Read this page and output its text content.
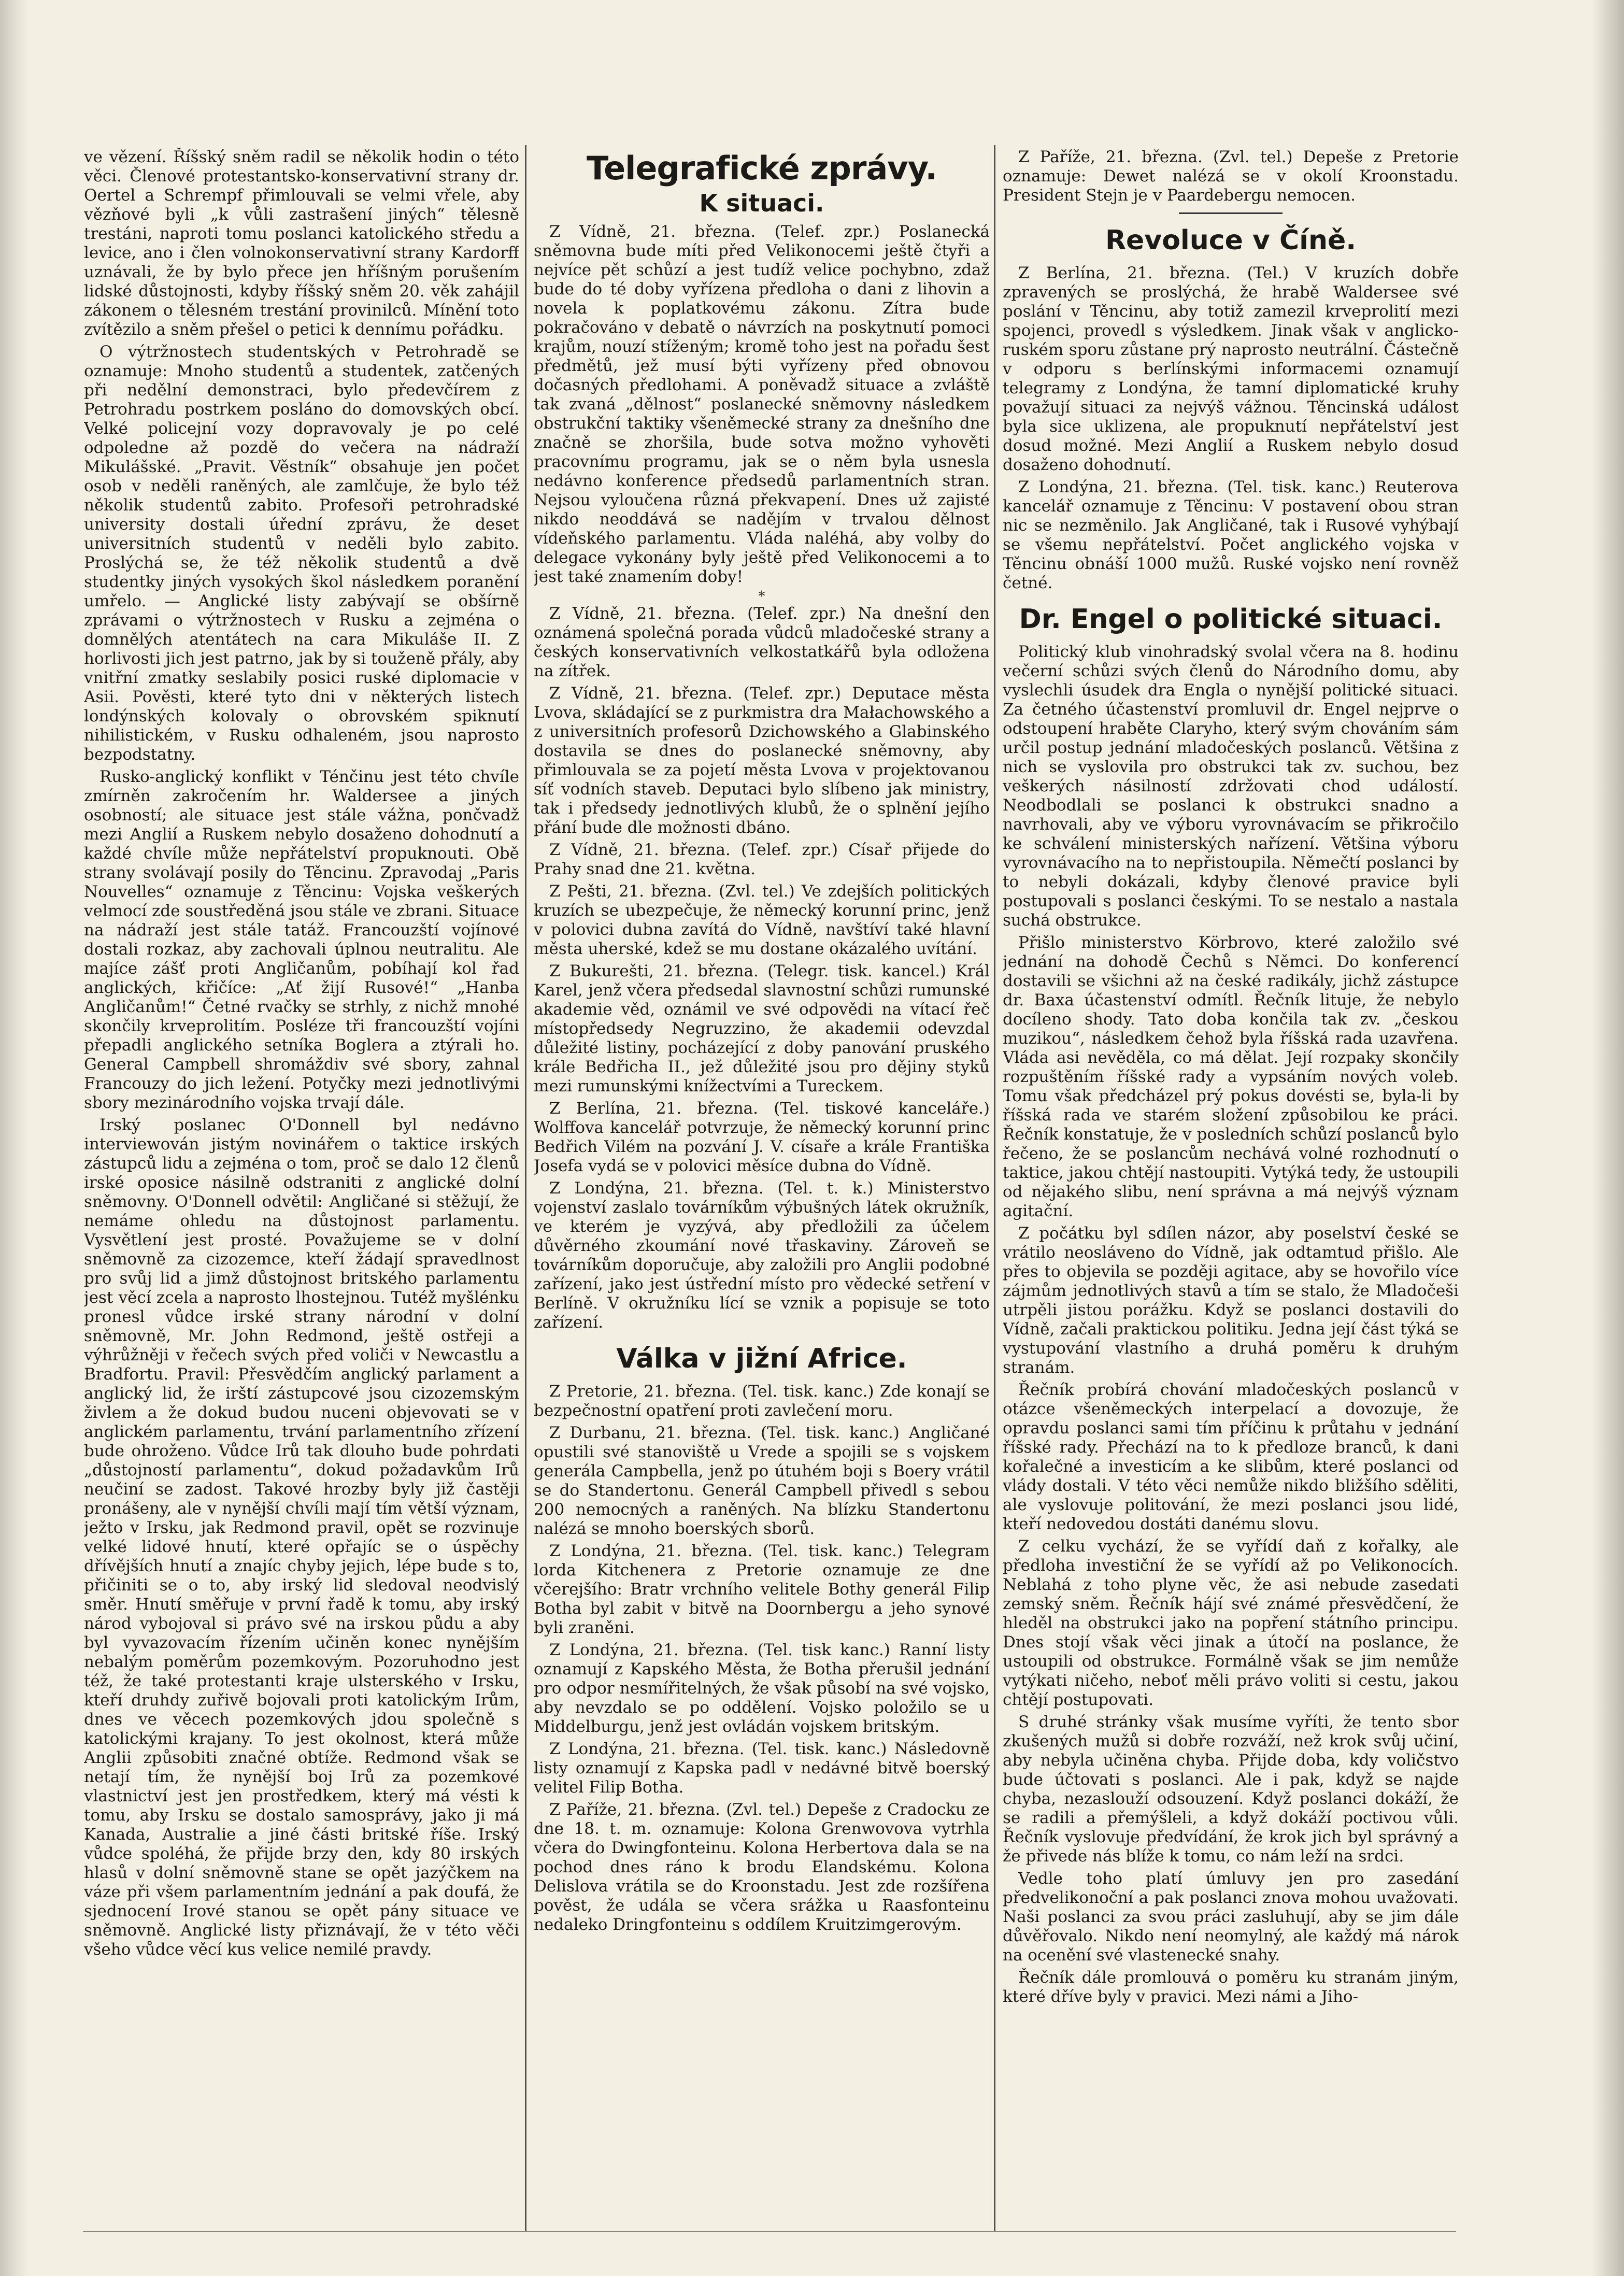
ve vězení. Říšský sněm radil se několik hodin o této věci. Členové protestantsko-konservativní strany dr. Oertel a Schrempf přimlouvali se velmi vřele, aby vězňové byli „k vůli zastrašení jiných“ tělesně trestáni, naproti tomu poslanci katolického středu a levice, ano i člen volnokonservativní strany Kardorff uznávali, že by bylo přece jen hříšným porušením lidské důstojnosti, kdyby říšský sněm 20. věk zahájil zákonem o tělesném trestání provinilců. Mínění toto zvítězilo a sněm přešel o petici k dennímu pořádku.

O výtržnostech studentských v Petrohradě se oznamuje: Mnoho studentů a studentek, zatčených při nedělní demonstraci, bylo předevčírem z Petrohradu postrkem posláno do domovských obcí. Velké policejní vozy dopravovaly je po celé odpoledne až pozdě do večera na nádraží Mikulášské. „Pravit. Věstník“ obsahuje jen počet osob v neděli raněných, ale zamlčuje, že bylo též několik studentů zabito. Profesoři petrohradské university dostali úřední zprávu, že deset universitních studentů v neděli bylo zabito. Proslýchá se, že též několik studentů a dvě studentky jiných vysokých škol následkem poranění umřelo. — Anglické listy zabývají se obšírně zprávami o výtržnostech v Rusku a zejména o domnělých atentátech na cara Mikuláše II. Z horlivosti jich jest patrno, jak by si touženě přály, aby vnitřní zmatky seslabily posici ruské diplomacie v Asii. Pověsti, které tyto dni v některých listech londýnských kolovaly o obrovském spiknutí nihilistickém, v Rusku odhaleném, jsou naprosto bezpodstatny.

Rusko-anglický konflikt v Ténčinu jest této chvíle zmírněn zakročením hr. Waldersee a jiných osobností; ale situace jest stále vážna, pončvadž mezi Anglií a Ruskem nebylo dosaženo dohodnutí a každé chvíle může nepřátelství propuknouti. Obě strany svolávají posily do Těncinu. Zpravodaj „Paris Nouvelles“ oznamuje z Těncinu: Vojska veškerých velmocí zde soustředěná jsou stále ve zbrani. Situace na nádraží jest stále tatáž. Francouzští vojínové dostali rozkaz, aby zachovali úplnou neutralitu. Ale majíce zášť proti Angličanům, pobíhají kol řad anglických, křičíce: „Ať žijí Rusové!“ „Hanba Angličanům!“ Četné rvačky se strhly, z nichž mnohé skončily krveprolitím. Posléze tři francouzští vojíni přepadli anglického setníka Boglera a ztýrali ho. General Campbell shromáždiv své sbory, zahnal Francouzy do jich ležení. Potyčky mezi jednotlivými sbory mezinárodního vojska trvají dále.

Irský poslanec O'Donnell byl nedávno interviewován jistým novinářem o taktice irských zástupců lidu a zejména o tom, proč se dalo 12 členů irské oposice násilně odstraniti z anglické dolní sněmovny. O'Donnell odvětil: Angličané si stěžují, že nemáme ohledu na důstojnost parlamentu. Vysvětlení jest prosté. Považujeme se v dolní sněmovně za cizozemce, kteří žádají spravedlnost pro svůj lid a jimž důstojnost britského parlamentu jest věcí zcela a naprosto lhostejnou. Tutéž myšlénku pronesl vůdce irské strany národní v dolní sněmovně, Mr. John Redmond, ještě ostřeji a výhrůžněji v řečech svých před voliči v Newcastlu a Bradfortu. Pravil: Přesvědčím anglický parlament a anglický lid, že irští zástupcové jsou cizozemským živlem a že dokud budou nuceni objevovati se v anglickém parlamentu, trvání parlamentního zřízení bude ohroženo. Vůdce Irů tak dlouho bude pohrdati „důstojností parlamentu“, dokud požadavkům Irů neučiní se zadost. Takové hrozby byly již častěji pronášeny, ale v nynější chvíli mají tím větší význam, ježto v Irsku, jak Redmond pravil, opět se rozvinuje velké lidové hnutí, které opřajíc se o úspěchy dřívějších hnutí a znajíc chyby jejich, lépe bude s to, přičiniti se o to, aby irský lid sledoval neodvislý směr. Hnutí směřuje v první řadě k tomu, aby irský národ vybojoval si právo své na irskou půdu a aby byl vyvazovacím řízením učiněn konec nynějším nebalým poměrům pozemkovým. Pozoruhodno jest též, že také protestanti kraje ulsterského v Irsku, kteří druhdy zuřivě bojovali proti katolickým Irům, dnes ve věcech pozemkových jdou společně s katolickými krajany. To jest okolnost, která může Anglii způsobiti značné obtíže. Redmond však se netají tím, že nynější boj Irů za pozemkové vlastnictví jest jen prostředkem, který má vésti k tomu, aby Irsku se dostalo samosprávy, jako ji má Kanada, Australie a jiné části britské říše. Irský vůdce spoléhá, že přijde brzy den, kdy 80 irských hlasů v dolní sněmovně stane se opět jazýčkem na váze při všem parlamentním jednání a pak doufá, že sjednocení Irové stanou se opět pány situace ve sněmovně. Anglické listy přiznávají, že v této věči všeho vůdce věcí kus velice nemilé pravdy.

Telegrafické zprávy.
K situaci.

Z Vídně, 21. března. (Telef. zpr.) Poslanecká sněmovna bude míti před Velikonocemi ještě čtyři a nejvíce pět schůzí a jest tudíž velice pochybno, zdaž bude do té doby vyřízena předloha o dani z lihovin a novela k poplatkovému zákonu. Zítra bude pokračováno v debatě o návrzích na poskytnutí pomoci krajům, nouzí stíženým; kromě toho jest na pořadu šest předmětů, jež musí býti vyřízeny před obnovou dočasných předlohami. A poněvadž situace a zvláště tak zvaná „dělnost“ poslanecké sněmovny následkem obstrukční taktiky všeněmecké strany za dnešního dne značně se zhoršila, bude sotva možno vyhověti pracovnímu programu, jak se o něm byla usnesla nedávno konference předsedů parlamentních stran. Nejsou vyloučena různá překvapení. Dnes už zajisté nikdo neoddává se nadějím v trvalou dělnost vídeňského parlamentu. Vláda naléhá, aby volby do delegace vykonány byly ještě před Velikonocemi a to jest také znamením doby!

*

Z Vídně, 21. března. (Telef. zpr.) Na dnešní den oznámená společná porada vůdců mladočeské strany a českých konservativních velkostatkářů byla odložena na zítřek.

Z Vídně, 21. března. (Telef. zpr.) Deputace města Lvova, skládající se z purkmistra dra Małachowského a z universitních profesorů Dzichowského a Glabinského dostavila se dnes do poslanecké sněmovny, aby přimlouvala se za pojetí města Lvova v projektovanou síť vodních staveb. Deputaci bylo slíbeno jak ministry, tak i předsedy jednotlivých klubů, že o splnění jejího přání bude dle možnosti dbáno.

Z Vídně, 21. března. (Telef. zpr.) Císař přijede do Prahy snad dne 21. května.

Z Pešti, 21. března. (Zvl. tel.) Ve zdejších politických kruzích se ubezpečuje, že německý korunní princ, jenž v polovici dubna zavítá do Vídně, navštíví také hlavní města uherské, kdež se mu dostane okázalého uvítání.

Z Bukurešti, 21. března. (Telegr. tisk. kancel.) Král Karel, jenž včera předsedal slavnostní schůzi rumunské akademie věd, oznámil ve své odpovědi na vítací řeč místopředsedy Negruzzino, že akademii odevzdal důležité listiny, pocházející z doby panování pruského krále Bedřicha II., jež důležité jsou pro dějiny styků mezi rumunskými knížectvími a Tureckem.

Z Berlína, 21. března. (Tel. tiskové kanceláře.) Wolffova kancelář potvrzuje, že německý korunní princ Bedřich Vilém na pozvání J. V. císaře a krále Františka Josefa vydá se v polovici měsíce dubna do Vídně.

Z Londýna, 21. března. (Tel. t. k.) Ministerstvo vojenství zaslalo továrníkům výbušných látek okružník, ve kterém je vyzývá, aby předložili za účelem důvěrného zkoumání nové třaskaviny. Zároveň se továrníkům doporučuje, aby založili pro Anglii podobné zařízení, jako jest ústřední místo pro vědecké setření v Berlíně. V okružníku lící se vznik a popisuje se toto zařízení.

Válka v jižní Africe.

Z Pretorie, 21. března. (Tel. tisk. kanc.) Zde konají se bezpečnostní opatření proti zavlečení moru.

Z Durbanu, 21. března. (Tel. tisk. kanc.) Angličané opustili své stanoviště u Vrede a spojili se s vojskem generála Campbella, jenž po útuhém boji s Boery vrátil se do Standertonu. Generál Campbell přivedl s sebou 200 nemocných a raněných. Na blízku Standertonu nalézá se mnoho boerských sborů.

Z Londýna, 21. března. (Tel. tisk. kanc.) Telegram lorda Kitchenera z Pretorie oznamuje ze dne včerejšího: Bratr vrchního velitele Bothy generál Filip Botha byl zabit v bitvě na Doornbergu a jeho synové byli zraněni.

Z Londýna, 21. března. (Tel. tisk kanc.) Ranní listy oznamují z Kapského Města, že Botha přerušil jednání pro odpor nesmířitelných, že však působí na své vojsko, aby nevzdalo se po oddělení. Vojsko položilo se u Middelburgu, jenž jest ovládán vojskem britským.

Z Londýna, 21. března. (Tel. tisk. kanc.) Následovně listy oznamují z Kapska padl v nedávné bitvě boerský velitel Filip Botha.

Z Paříže, 21. března. (Zvl. tel.) Depeše z Cradocku ze dne 18. t. m. oznamuje: Kolona Grenwovova vytrhla včera do Dwingfonteinu. Kolona Herbertova dala se na pochod dnes ráno k brodu Elandskému. Kolona Delislova vrátila se do Kroonstadu. Jest zde rozšířena pověst, že udála se včera srážka u Raasfonteinu nedaleko Dringfonteinu s oddílem Kruitzimgerovým.

Z Paříže, 21. března. (Zvl. tel.) Depeše z Pretorie oznamuje: Dewet nalézá se v okolí Kroonstadu. President Stejn je v Paardebergu nemocen.

Revoluce v Číně.

Z Berlína, 21. března. (Tel.) V kruzích dobře zpravených se proslýchá, že hrabě Waldersee své poslání v Těncinu, aby totiž zamezil krveprolití mezi spojenci, provedl s výsledkem. Jinak však v anglicko-ruském sporu zůstane prý naprosto neutrální. Částečně v odporu s berlínskými informacemi oznamují telegramy z Londýna, že tamní diplomatické kruhy považují situaci za nejvýš vážnou. Těncinská událost byla sice uklizena, ale propuknutí nepřátelství jest dosud možné. Mezi Anglií a Ruskem nebylo dosud dosaženo dohodnutí.

Z Londýna, 21. března. (Tel. tisk. kanc.) Reuterova kancelář oznamuje z Těncinu: V postavení obou stran nic se nezměnilo. Jak Angličané, tak i Rusové vyhýbají se všemu nepřátelství. Počet anglického vojska v Těncinu obnáší 1000 mužů. Ruské vojsko není rovněž četné.

Dr. Engel o politické situaci.

Politický klub vinohradský svolal včera na 8. hodinu večerní schůzi svých členů do Národního domu, aby vyslechli úsudek dra Engla o nynější politické situaci. Za četného účastenství promluvil dr. Engel nejprve o odstoupení hraběte Claryho, který svým chováním sám určil postup jednání mladočeských poslanců. Většina z nich se vyslovila pro obstrukci tak zv. suchou, bez veškerých násilností zdržovati chod událostí. Neodbodlali se poslanci k obstrukci snadno a navrhovali, aby ve výboru vyrovnávacím se přikročilo ke schválení ministerských nařízení. Většina výboru vyrovnávacího na to nepřistoupila. Němečtí poslanci by to nebyli dokázali, kdyby členové pravice byli postupovali s poslanci českými. To se nestalo a nastala suchá obstrukce.

Přišlo ministerstvo Körbrovo, které založilo své jednání na dohodě Čechů s Němci. Do konferencí dostavili se všichni až na české radikály, jichž zástupce dr. Baxa účastenství odmítl. Řečník lituje, že nebylo docíleno shody. Tato doba končila tak zv. „českou muzikou“, následkem čehož byla říšská rada uzavřena. Vláda asi nevěděla, co má dělat. Její rozpaky skončily rozpuštěním říšské rady a vypsáním nových voleb. Tomu však předcházel prý pokus dovésti se, byla-li by říšská rada ve starém složení způsobilou ke práci. Řečník konstatuje, že v posledních schůzí poslanců bylo řečeno, že se poslancům nechává volné rozhodnutí o taktice, jakou chtějí nastoupiti. Vytýká tedy, že ustoupili od nějakého slibu, není správna a má nejvýš význam agitační.

Z počátku byl sdílen názor, aby poselství české se vrátilo neosláveno do Vídně, jak odtamtud přišlo. Ale přes to objevila se později agitace, aby se hovořilo více zájmům jednotlivých stavů a tím se stalo, že Mladočeši utrpěli jistou porážku. Když se poslanci dostavili do Vídně, začali praktickou politiku. Jedna její část týká se vystupování vlastního a druhá poměru k druhým stranám.

Řečník probírá chování mladočeských poslanců v otázce všeněmeckých interpelací a dovozuje, že opravdu poslanci sami tím příčinu k průtahu v jednání říšské rady. Přechází na to k předloze branců, k dani kořalečné a investicím a ke slibům, které poslanci od vlády dostali. V této věci nemůže nikdo bližšího sděliti, ale vyslovuje politování, že mezi poslanci jsou lidé, kteří nedovedou dostáti danému slovu.

Z celku vychází, že se vyřídí daň z kořalky, ale předloha investiční že se vyřídí až po Velikonocích. Neblahá z toho plyne věc, že asi nebude zasedati zemský sněm. Řečník hájí své známé přesvědčení, že hleděl na obstrukci jako na popření státního principu. Dnes stojí však věci jinak a útočí na poslance, že ustoupili od obstrukce. Formálně však se jim nemůže vytýkati ničeho, neboť měli právo voliti si cestu, jakou chtějí postupovati.

S druhé stránky však musíme vyříti, že tento sbor zkušených mužů si dobře rozváží, než krok svůj učiní, aby nebyla učiněna chyba. Přijde doba, kdy voličstvo bude účtovati s poslanci. Ale i pak, když se najde chyba, nezaslouží odsouzení. Když poslanci dokáží, že se radili a přemýšleli, a když dokáží poctivou vůli. Řečník vyslovuje předvídání, že krok jich byl správný a že přivede nás blíže k tomu, co nám leží na srdci.

Vedle toho platí úmluvy jen pro zasedání předvelikonoční a pak poslanci znova mohou uvažovati. Naši poslanci za svou práci zasluhují, aby se jim dále důvěřovalo. Nikdo není neomylný, ale každý má nárok na ocenění své vlastenecké snahy.

Řečník dále promlouvá o poměru ku stranám jiným, které dříve byly v pravici. Mezi námi a Jiho-
